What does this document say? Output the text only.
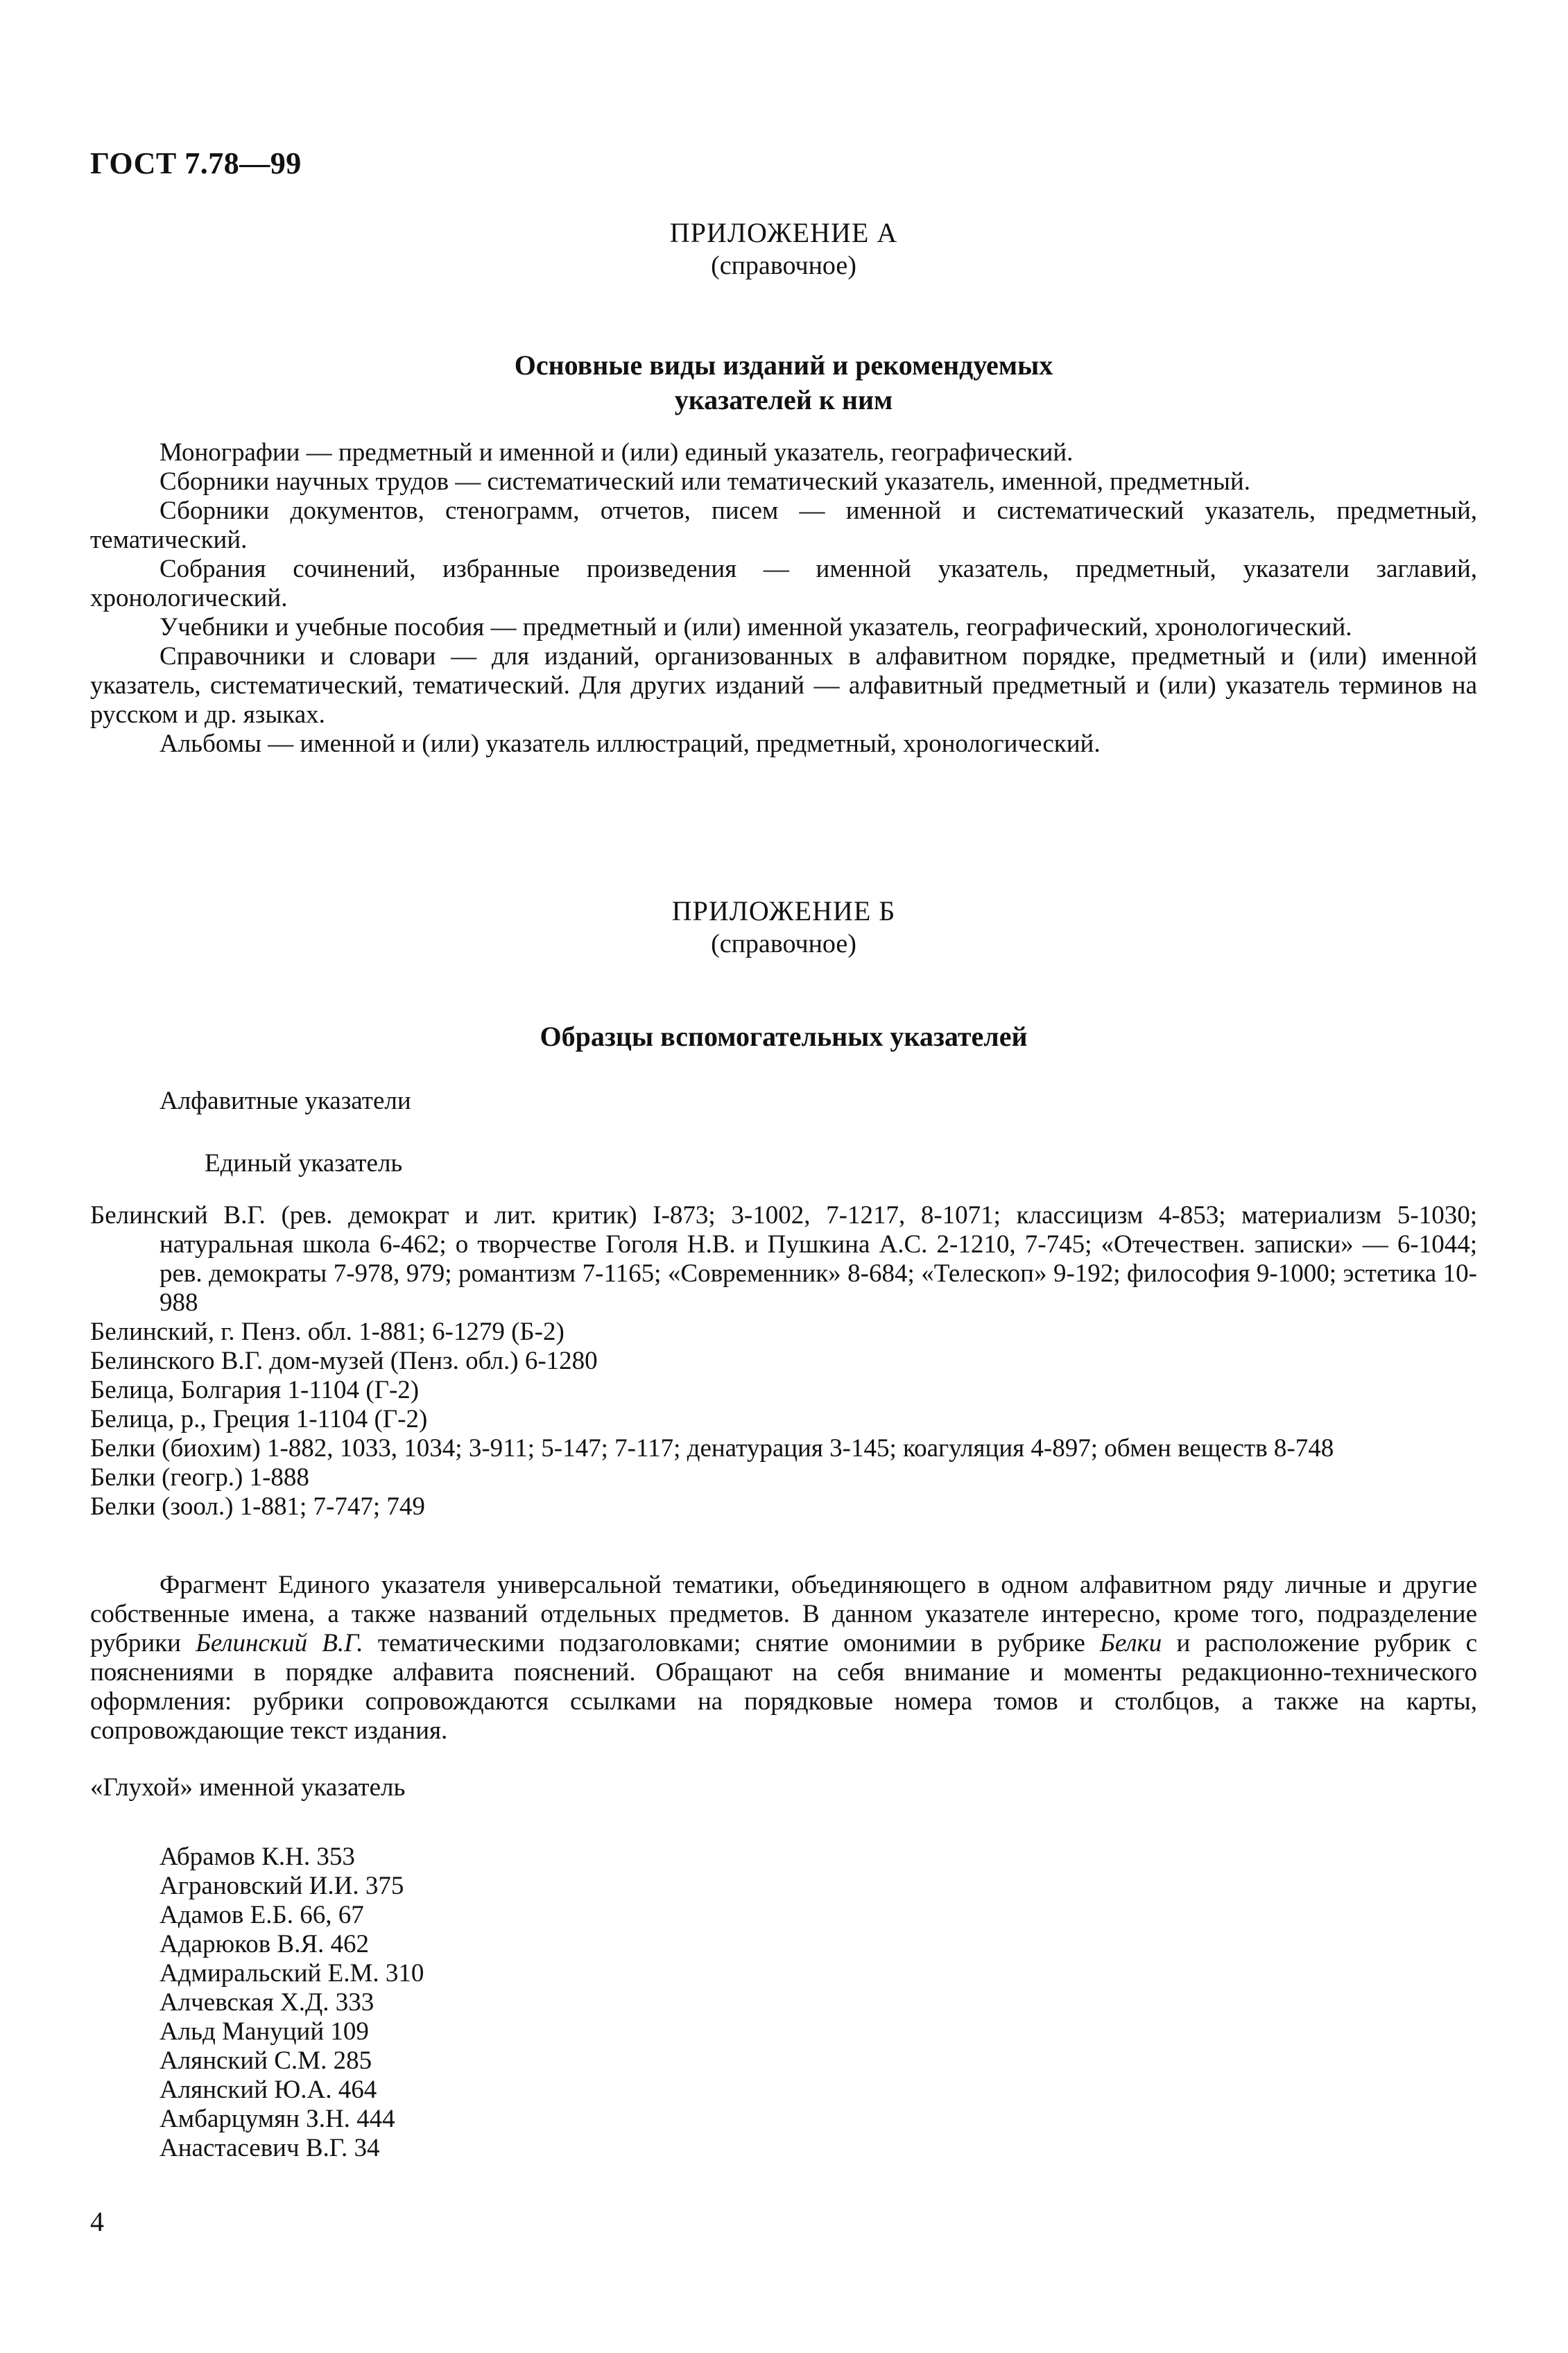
ГОСТ 7.78—99
ПРИЛОЖЕНИЕ А
(справочное)
Основные виды изданий и рекомендуемых
указателей к ним

Монографии — предметный и именной и (или) единый указатель, географический.

Сборники научных трудов — систематический или тематический указатель, именной, предметный.

Сборники документов, стенограмм, отчетов, писем — именной и систематический указатель, предметный, тематический.

Собрания сочинений, избранные произведения — именной указатель, предметный, указатели заглавий, хронологический.

Учебники и учебные пособия — предметный и (или) именной указатель, географический, хронологический.

Справочники и словари — для изданий, организованных в алфавитном порядке, предметный и (или) именной указатель, систематический, тематический. Для других изданий — алфавитный предметный и (или) указатель терминов на русском и др. языках.

Альбомы — именной и (или) указатель иллюстраций, предметный, хронологический.

ПРИЛОЖЕНИЕ Б
(справочное)
Образцы вспомогательных указателей
Алфавитные указатели
Единый указатель

Белинский В.Г. (рев. демократ и лит. критик) I-873; 3-1002, 7-1217, 8-1071; классицизм 4-853; материализм 5-1030; натуральная школа 6-462; о творчестве Гоголя Н.В. и Пушкина А.С. 2-1210, 7-745; «Отечествен. записки» — 6-1044; рев. демократы 7-978, 979; романтизм 7-1165; «Современник» 8-684; «Телескоп» 9-192; философия 9-1000; эстетика 10-988

Белинский, г. Пенз. обл. 1-881; 6-1279 (Б-2)

Белинского В.Г. дом-музей (Пенз. обл.) 6-1280

Белица, Болгария 1-1104 (Г-2)

Белица, р., Греция 1-1104 (Г-2)

Белки (биохим) 1-882, 1033, 1034; 3-911; 5-147; 7-117; денатурация 3-145; коагуляция 4-897; обмен веществ 8-748

Белки (геогр.) 1-888

Белки (зоол.) 1-881; 7-747; 749

Фрагмент Единого указателя универсальной тематики, объединяющего в одном алфавитном ряду личные и другие собственные имена, а также названий отдельных предметов. В данном указателе интересно, кроме того, подразделение рубрики Белинский В.Г. тематическими подзаголовками; снятие омонимии в рубрике Белки и расположение рубрик с пояснениями в порядке алфавита пояснений. Обращают на себя внимание и моменты редакционно-технического оформления: рубрики сопровождаются ссылками на порядковые номера томов и столбцов, а также на карты, сопровождающие текст издания.

«Глухой» именной указатель

Абрамов К.Н. 353

Аграновский И.И. 375

Адамов Е.Б. 66, 67

Адарюков В.Я. 462

Адмиральский Е.М. 310

Алчевская Х.Д. 333

Альд Мануций 109

Алянский С.М. 285

Алянский Ю.А. 464

Амбарцумян З.Н. 444

Анастасевич В.Г. 34

4
